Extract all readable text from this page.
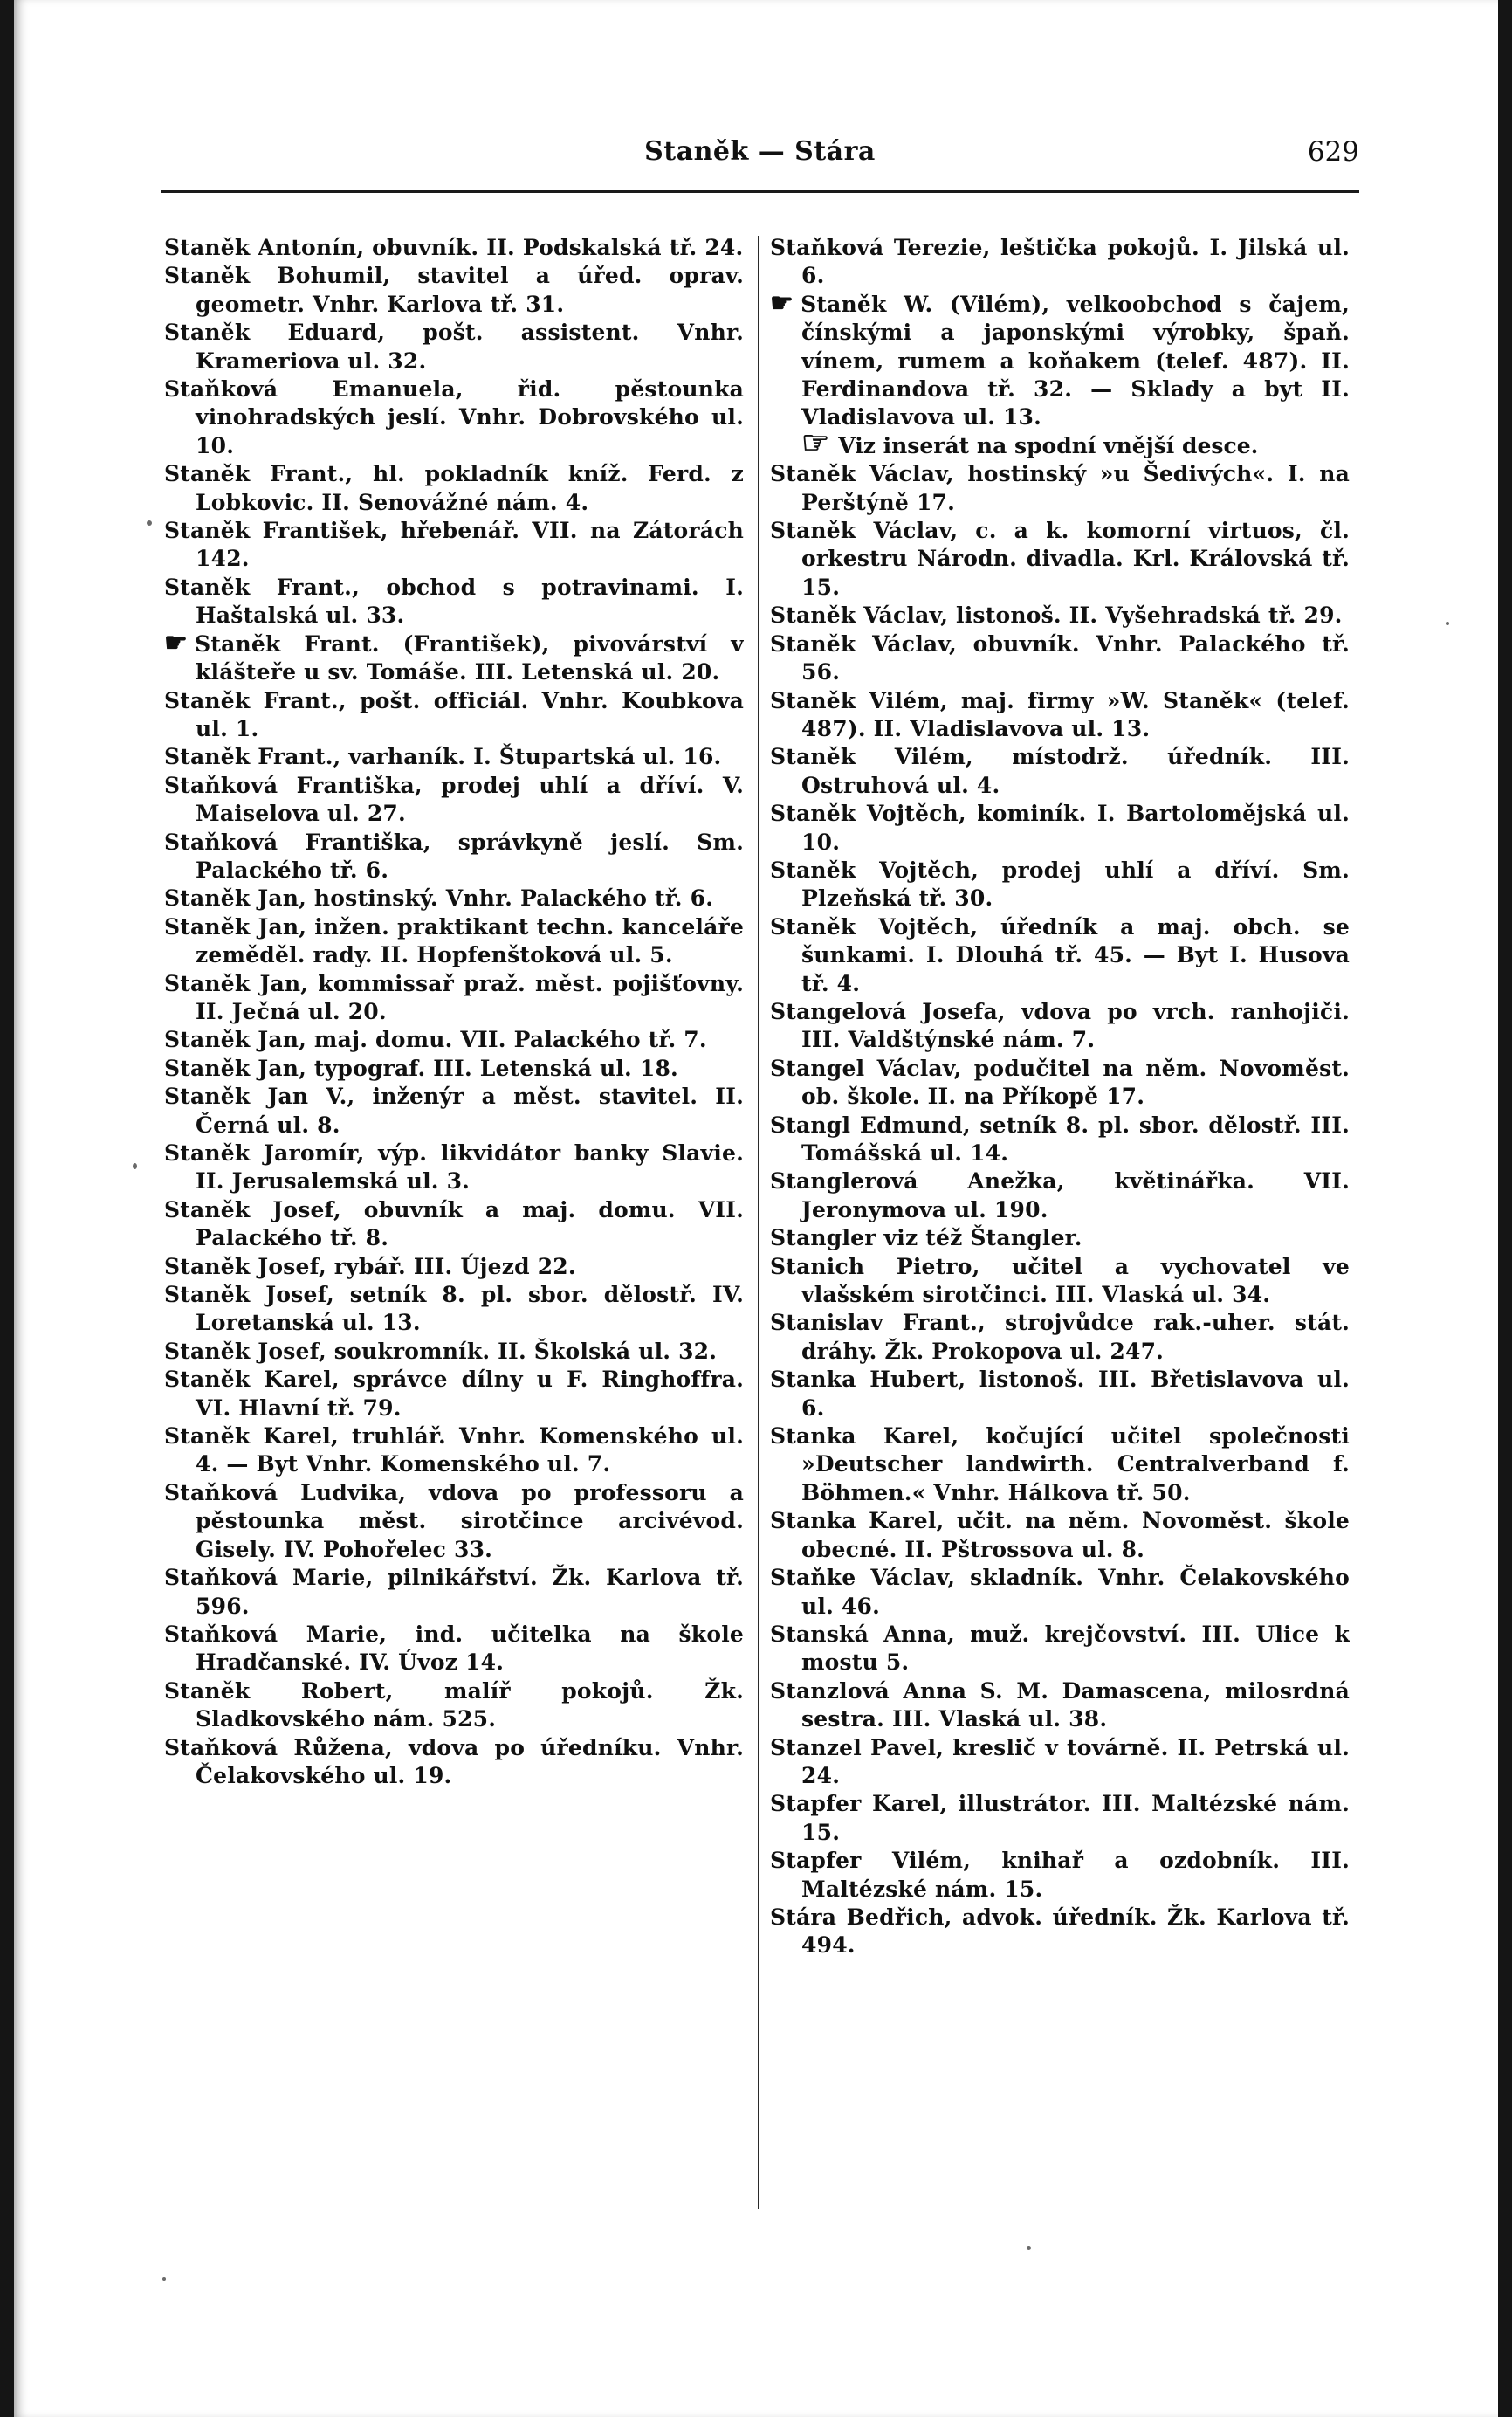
Staněk — Stára	629

Staněk Antonín, obuvník. II. Podskalská tř. 24.

Staněk Bohumil, stavitel a úřed. oprav. geometr. Vnhr. Karlova tř. 31.

Staněk Eduard, pošt. assistent. Vnhr. Krameriova ul. 32.

Staňková Emanuela, řid. pěstounka vinohradských jeslí. Vnhr. Dobrovského ul. 10.

Staněk Frant., hl. pokladník kníž. Ferd. z Lobkovic. II. Senovážné nám. 4.

Staněk František, hřebenář. VII. na Zátorách 142.

Staněk Frant., obchod s potravinami. I. Haštalská ul. 33.

☛ Staněk Frant. (František), pivovárství v klášteře u sv. Tomáše. III. Letenská ul. 20.

Staněk Frant., pošt. officiál. Vnhr. Koubkova ul. 1.

Staněk Frant., varhaník. I. Štupartská ul. 16.

Staňková Františka, prodej uhlí a dříví. V. Maiselova ul. 27.

Staňková Františka, správkyně jeslí. Sm. Palackého tř. 6.

Staněk Jan, hostinský. Vnhr. Palackého tř. 6.

Staněk Jan, inžen. praktikant techn. kanceláře zeměděl. rady. II. Hopfenštoková ul. 5.

Staněk Jan, kommissař praž. měst. pojišťovny. II. Ječná ul. 20.

Staněk Jan, maj. domu. VII. Palackého tř. 7.

Staněk Jan, typograf. III. Letenská ul. 18.

Staněk Jan V., inženýr a měst. stavitel. II. Černá ul. 8.

Staněk Jaromír, výp. likvidátor banky Slavie. II. Jerusalemská ul. 3.

Staněk Josef, obuvník a maj. domu. VII. Palackého tř. 8.

Staněk Josef, rybář. III. Újezd 22.

Staněk Josef, setník 8. pl. sbor. dělostř. IV. Loretanská ul. 13.

Staněk Josef, soukromník. II. Školská ul. 32.

Staněk Karel, správce dílny u F. Ringhoffra. VI. Hlavní tř. 79.

Staněk Karel, truhlář. Vnhr. Komenského ul. 4. — Byt Vnhr. Komenského ul. 7.

Staňková Ludvika, vdova po professoru a pěstounka měst. sirotčince arcivévod. Gisely. IV. Pohořelec 33.

Staňková Marie, pilnikářství. Žk. Karlova tř. 596.

Staňková Marie, ind. učitelka na škole Hradčanské. IV. Úvoz 14.

Staněk Robert, malíř pokojů. Žk. Sladkovského nám. 525.

Staňková Růžena, vdova po úředníku. Vnhr. Čelakovského ul. 19.

Staňková Terezie, leštička pokojů. I. Jilská ul. 6.

☛ Staněk W. (Vilém), velkoobchod s čajem, čínskými a japonskými výrobky, špaň. vínem, rumem a koňakem (telef. 487). II. Ferdinandova tř. 32. — Sklady a byt II. Vladislavova ul. 13.

☞ Viz inserát na spodní vnější desce.

Staněk Václav, hostinský »u Šedivých«. I. na Perštýně 17.

Staněk Václav, c. a k. komorní virtuos, čl. orkestru Národn. divadla. Krl. Královská tř. 15.

Staněk Václav, listonoš. II. Vyšehradská tř. 29.

Staněk Václav, obuvník. Vnhr. Palackého tř. 56.

Staněk Vilém, maj. firmy »W. Staněk« (telef. 487). II. Vladislavova ul. 13.

Staněk Vilém, místodrž. úředník. III. Ostruhová ul. 4.

Staněk Vojtěch, kominík. I. Bartolomějská ul. 10.

Staněk Vojtěch, prodej uhlí a dříví. Sm. Plzeňská tř. 30.

Staněk Vojtěch, úředník a maj. obch. se šunkami. I. Dlouhá tř. 45. — Byt I. Husova tř. 4.

Stangelová Josefa, vdova po vrch. ranhojiči. III. Valdštýnské nám. 7.

Stangel Václav, podučitel na něm. Novoměst. ob. škole. II. na Příkopě 17.

Stangl Edmund, setník 8. pl. sbor. dělostř. III. Tomášská ul. 14.

Stanglerová Anežka, květinářka. VII. Jeronymova ul. 190.

Stangler viz též Štangler.

Stanich Pietro, učitel a vychovatel ve vlašském sirotčinci. III. Vlaská ul. 34.

Stanislav Frant., strojvůdce rak.-uher. stát. dráhy. Žk. Prokopova ul. 247.

Stanka Hubert, listonoš. III. Břetislavova ul. 6.

Stanka Karel, kočující učitel společnosti »Deutscher landwirth. Centralverband f. Böhmen.« Vnhr. Hálkova tř. 50.

Stanka Karel, učit. na něm. Novoměst. škole obecné. II. Pštrossova ul. 8.

Staňke Václav, skladník. Vnhr. Čelakovského ul. 46.

Stanská Anna, muž. krejčovství. III. Ulice k mostu 5.

Stanzlová Anna S. M. Damascena, milosrdná sestra. III. Vlaská ul. 38.

Stanzel Pavel, kreslič v továrně. II. Petrská ul. 24.

Stapfer Karel, illustrátor. III. Maltézské nám. 15.

Stapfer Vilém, knihař a ozdobník. III. Maltézské nám. 15.

Stára Bedřich, advok. úředník. Žk. Karlova tř. 494.
